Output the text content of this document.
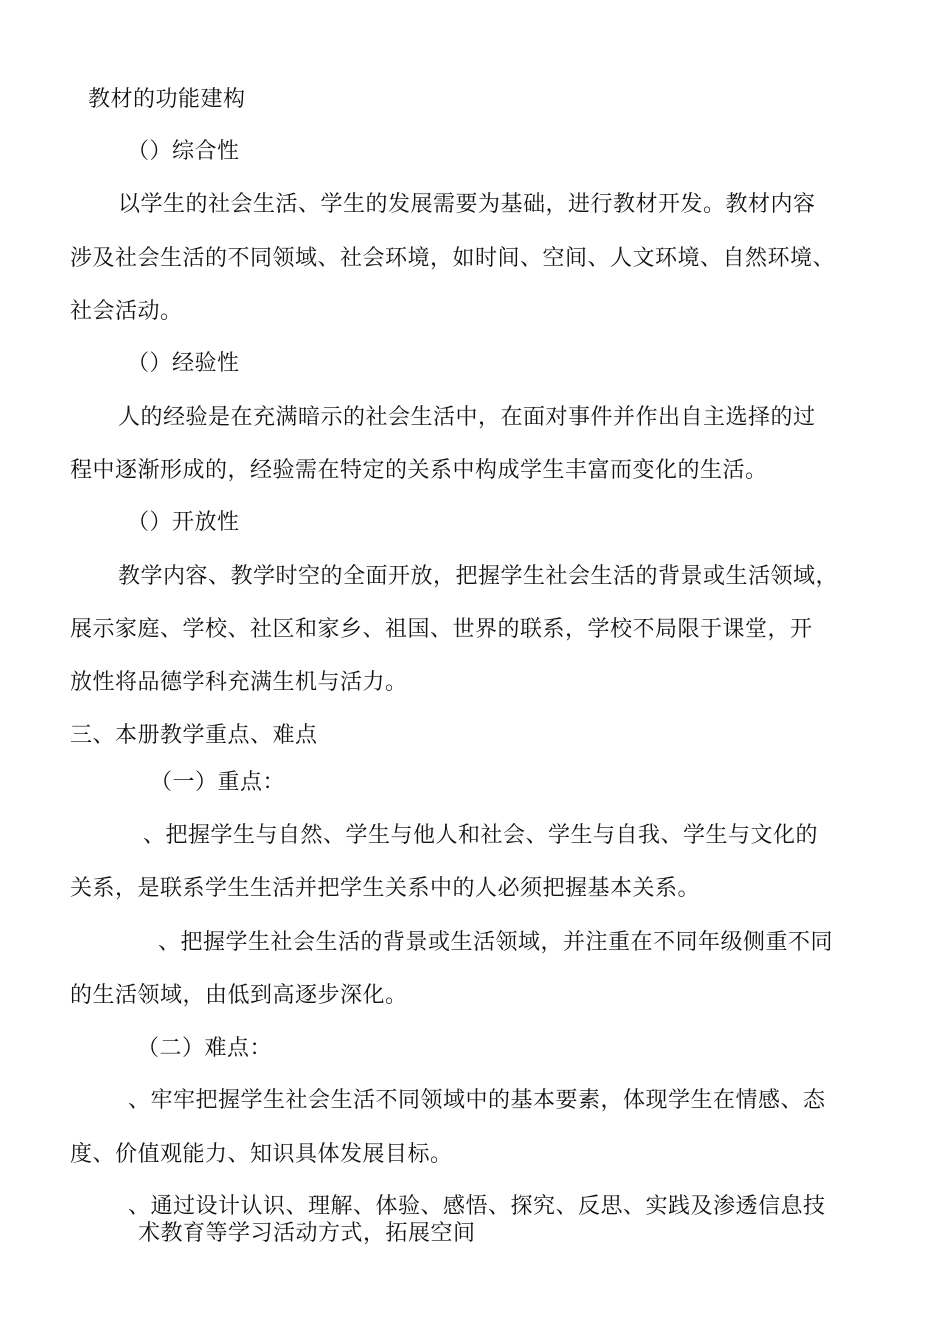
教材的功能建构
（）综合性
以学生的社会生活、学生的发展需要为基础，进行教材开发。教材内容
涉及社会生活的不同领域、社会环境，如时间、空间、人文环境、自然环境、
社会活动。
（）经验性
人的经验是在充满暗示的社会生活中，在面对事件并作出自主选择的过
程中逐渐形成的，经验需在特定的关系中构成学生丰富而变化的生活。
（）开放性
教学内容、教学时空的全面开放，把握学生社会生活的背景或生活领域，
展示家庭、学校、社区和家乡、祖国、世界的联系，学校不局限于课堂，开
放性将品德学科充满生机与活力。
三、本册教学重点、难点
（一）重点：
、把握学生与自然、学生与他人和社会、学生与自我、学生与文化的
关系，是联系学生生活并把学生关系中的人必须把握基本关系。
、把握学生社会生活的背景或生活领域，并注重在不同年级侧重不同
的生活领域，由低到高逐步深化。
（二）难点：
、牢牢把握学生社会生活不同领域中的基本要素，体现学生在情感、态
度、价值观能力、知识具体发展目标。
、通过设计认识、理解、体验、感悟、探究、反思、实践及渗透信息技
术教育等学习活动方式，拓展空间
